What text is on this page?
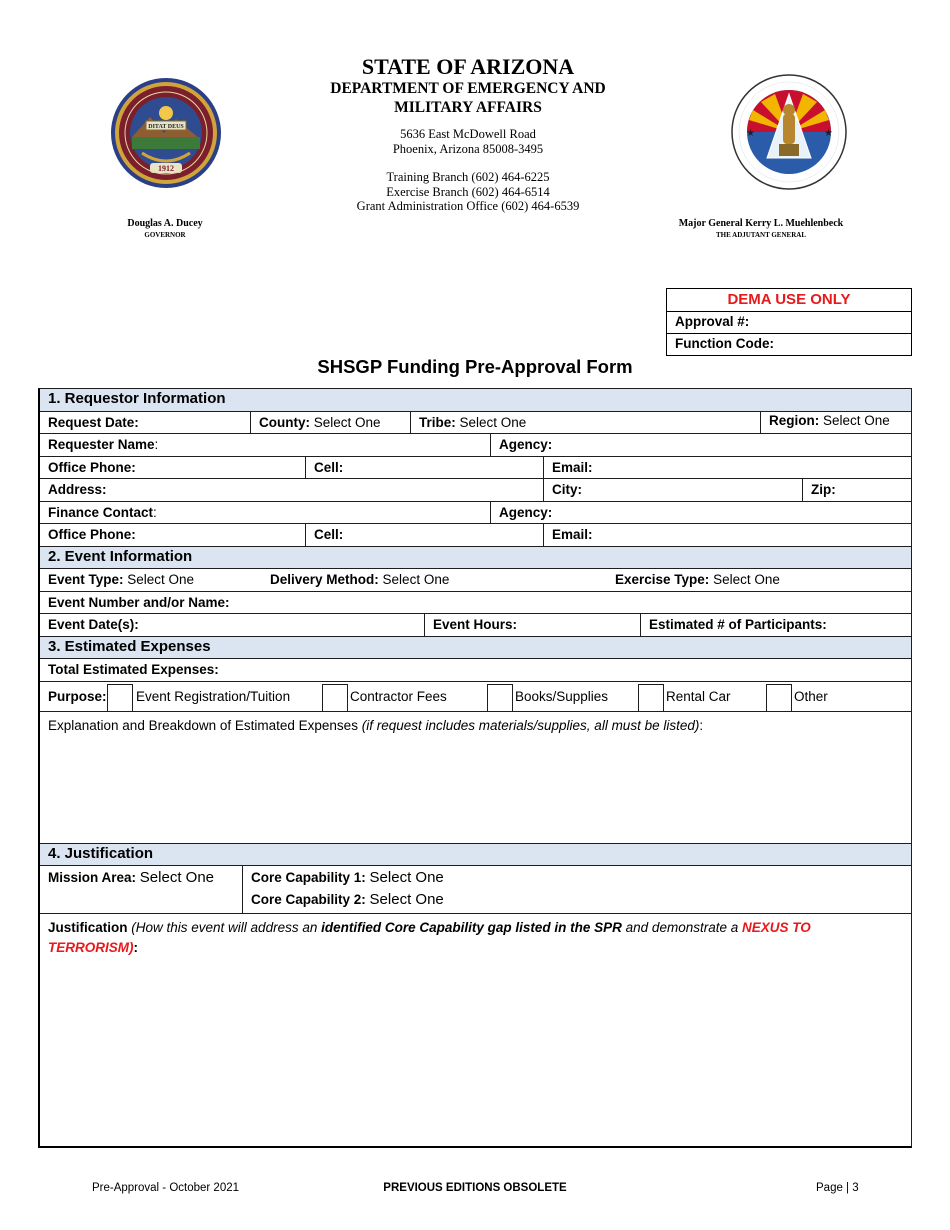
DITAT DEUS
1912
★	★
Douglas A. Ducey
GOVERNOR
Major General Kerry L. Muehlenbeck
THE ADJUTANT GENERAL
STATE OF ARIZONA
DEPARTMENT OF EMERGENCY AND
MILITARY AFFAIRS
5636 East McDowell Road
Phoenix, Arizona 85008-3495
Training Branch (602) 464-6225
Exercise Branch (602) 464-6514
Grant Administration Office (602) 464-6539
DEMA USE ONLY
Approval #:
Function Code:
SHSGP Funding Pre-Approval Form
1. Requestor Information
Request Date:	County: Select One	Tribe: Select One	Region: Select One
Requester Name:	Agency:
Office Phone:	Cell:	Email:
Address:	City:	Zip:
Finance Contact:	Agency:
Office Phone:	Cell:	Email:
2. Event Information
Event Type: Select One	Delivery Method: Select One	Exercise Type: Select One
Event Number and/or Name:
Event Date(s):	Event Hours:	Estimated # of Participants:
3. Estimated Expenses
Total Estimated Expenses:
Purpose:	Event Registration/Tuition	Contractor Fees	Books/Supplies	Rental Car	Other
Explanation and Breakdown of Estimated Expenses (if request includes materials/supplies, all must be listed):
4. Justification
Mission Area: Select One	Core Capability 1: Select One
Core Capability 2: Select One
Justification (How this event will address an identified Core Capability gap listed in the SPR and demonstrate a NEXUS TO TERRORISM):
Pre-Approval - October 2021	PREVIOUS EDITIONS OBSOLETE	Page | 3
